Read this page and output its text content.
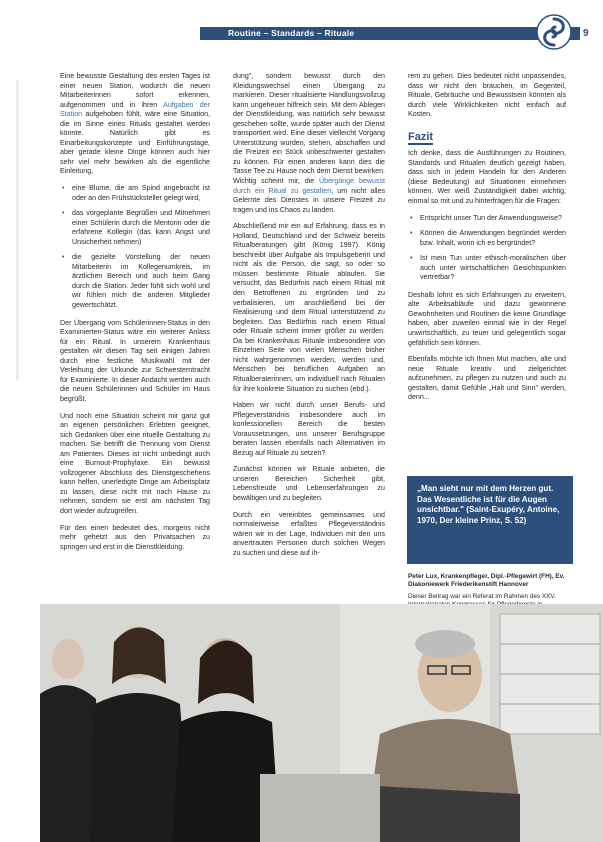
Routine – Standards – Rituale	9

Eine bewusste Gestaltung des ersten Tages ist einer neuen Station, wodurch die neuen Mitarbeiterinnen sofort erkennen, aufgenommen und in ihren Aufgaben der Station aufgehoben fühlt, wäre eine Situation, die im Sinne eines Rituals gestaltet werden könnte. Natürlich gibt es Einarbeitungskonzepte und Einführungstage, aber gerade kleine Dinge können auch hier sehr viel mehr bewirken als die eigentliche Einleitung,

• eine Blume, die am Spind angebracht ist oder an den Frühstücksteller gelegt wird,
• das vorgeplante Begrüßen und Mitnehmen einer Schülerin durch die Mentorin oder die erfahrene Kollegin (das kann Angst und Unsicherheit nehmen)
• die gezielte Vorstellung der neuen Mitarbeiterin im Kollegenumkreis, im ärztlichen Bereich und auch beim Gang durch die Station. Jeder fühlt sich wohl und wir fühlen mich die anderen Mitglieder gewertschätzt.

Der Übergang vom Schülerinnen-Status in den Examinierten-Status wäre ein weiterer Anlass für ein Ritual. In unserem Krankenhaus gestalten wir diesen Tag seit einigen Jahren durch eine festliche Musikwahl mit der Verleihung der Urkunde zur Schwesterntracht für Examinierte. In dieser Andacht werden auch die neuen Schülerinnen und Schüler im Haus begrüßt.

Und noch eine Situation scheint mir ganz gut an eigenen persönlichen Erlebten geeignet, sich Gedanken über eine rituelle Gestaltung zu machen. Sie betrifft die Trennung vom Dienst am Patienten. Dieses ist nicht unbedingt auch eine Burnout-Prophylaxe. Ein bewusst vollzogener Abschluss des Dienstgeschehens kann helfen, unerledigte Dinge am Arbeitsplatz zu lassen, diese nicht mit nach Hause zu nehmen, sondern sie erst am nächsten Tag dort wieder aufzugreifen.

Für den einen bedeutet dies, morgens nicht mehr gehetzt aus den Privatsachen zu springen und erst in die Dienstkleidung.

dung", sondern bewusst durch den Kleidungswechsel einen Übergang zu markieren. Dieser ritualisierte Handlungsvollzug kann ungeheuer hilfreich sein. Mit dem Ablegen der Dienstkleidung, was natürlich sehr bewusst geschehen sollte, wurde später auch der Dienst transportiert wird. Eine dieser vielleicht Vorgang Unterstützung wurden, stehen, abschaffen und die Freizeit ein Stück unbeschwerter gestalten zu können. Für einen anderen kann dies die Tasse Tee zu Hause noch dem Dienst bewirken. Wichtig scheint mir, die Übergänge bewusst durch ein Ritual zu gestalten, um nicht alles Gelernte des Dienstes in unsere Freizeit zu tragen und ins Chaos zu landen.

Abschließend mir ein auf Erfahrung, dass es in Holland, Deutschland und der Schweiz bereits Ritualberatungen gibt (König 1997). König beschreibt über Aufgabe als Impulsgeberin und nicht als die Person, die sagt, so oder so müssen bestimmte Rituale ablaufen. Sie versucht, das Bedürfnis nach einem Ritual mit den Betroffenen zu ergründen und zu verbalisieren, um anschließend bei der Realisierung und dem Ritual unterstützend zu begleiten. Das Bedürfnis nach einem Ritual oder Rituale scheint immer größer zu werden. Da bei Krankenhaus Rituale insbesondere von Einzelnen Seite von vielen Menschen bisher nicht wahrgenommen werden, werden und, Menschen bei beruflichen Aufgaben an Ritualberaterinnen, um individuell nach Ritualen für ihre konkrete Situation zu suchen (ebd.).

Haben wir nicht durch unser Berufs- und Pflegeverständnis insbesondere auch im konfessionellen Bereich die besten Voraussetzungen, uns unserer Berufsgruppe beraten lassen ebenfalls nach Alternativen im Bezug auf Rituale zu setzen?

Zunächst können wir Rituale anbieten, die unseren Bereichen Sicherheit gibt, Lebensfreude und Lebenserfahrungen zu bewältigen und zu begleiten.

Durch ein vereinbtes gemeinsames und normalerweise erfaßtes Pflegeverständnis wären wir in der Lage, Individuen mit den uns anvertrauten Personen durch solchen Wegen zu suchen und diese auf ih-

rem zu gehen. Dies bedeutet nicht unpassendes, dass wir nicht den brauchen, im Gegenteil, Rituale, Gebräuche und Bewusstsein könnten als durch viele Wirklichkeiten nicht einfach auf Kosten.

Fazit

Ich denke, dass die Ausführungen zu Routinen, Standards und Ritualen deutlich gezeigt haben, dass sich in jedem Handeln für den Anderen (diese Bedeutung) auf Situationen einnehmen können. Wer weiß Zuständigkeit dabei wichtig, einmal so mit und zu hinterfragen für die Fragen:

• Entspricht unser Tun der Anwendungsweise?
• Können die Anwendungen begründet werden bzw. Inhalt, worin ich es bergründet?
• Ist mein Tun unter ethisch-moralischen über auch unter wirtschaftlichen Gesichtspunkten vertretbar?

Deshalb lohnt es sich Erfahrungen zu erweitern, alte Arbeitsabläufe und dazu gewonnene Gewohnheiten und Routinen die keine Grundlage haben, aber zuweilen einmal wie in der Regel unwirtschaftlich, zu teuer und gelegentlich sogar gefährlich sein können.

Ebenfalls möchte ich Ihnen Mut machen, alte und neue Rituale kreativ und zielgerichtet aufzunehmen, zu pflegen zu nutzen und auch zu gestalten, damit Gefühle „Halt und Sinn" werden, denn...

„Man sieht nur mit dem Herzen gut. Das Wesentliche ist für die Augen unsichtbar." (Saint-Exupéry, Antoine, 1970, Der kleine Prinz, S. 52)

Peter Lux, Krankenpfleger, Dipl.-Pflegewirt (FH), Ev. Diakoniewerk Friederikenstift Hannover

Dieser Beitrag war ein Referat im Rahmen des XXV.
